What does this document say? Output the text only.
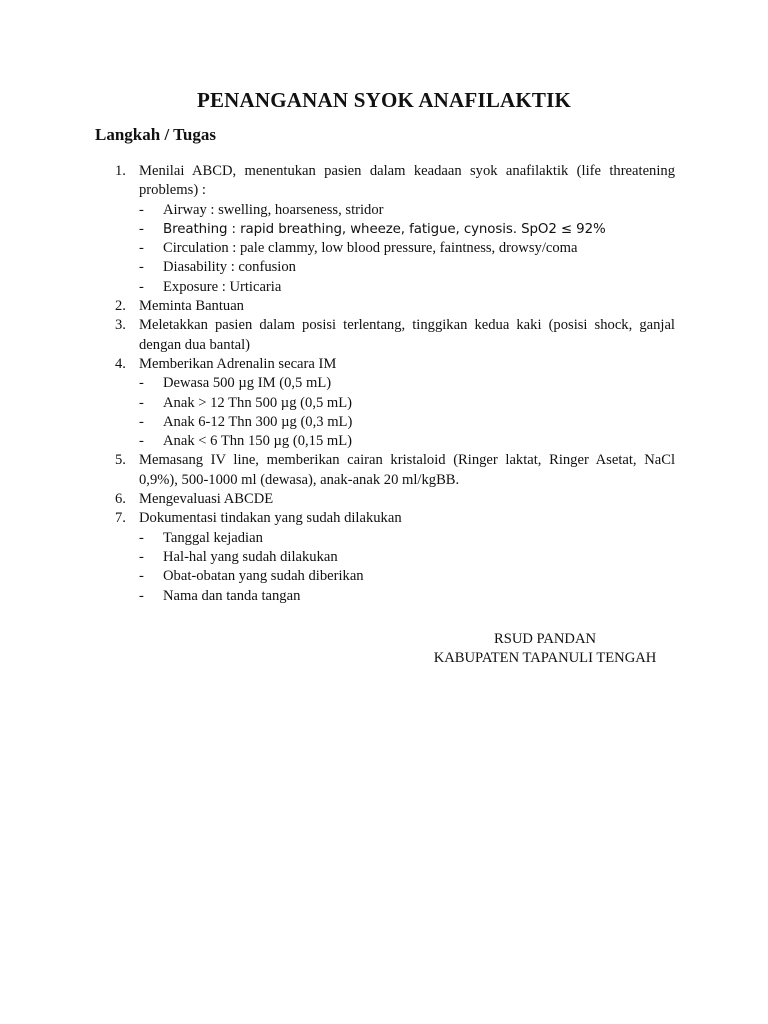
PENANGANAN SYOK ANAFILAKTIK
Langkah / Tugas
1. Menilai ABCD, menentukan pasien dalam keadaan syok anafilaktik (life threatening problems) :
-	Airway : swelling, hoarseness, stridor
-	Breathing : rapid breathing, wheeze, fatigue, cynosis. SpO2 ≤ 92%
-	Circulation : pale clammy, low blood pressure, faintness, drowsy/coma
-	Diasability : confusion
-	Exposure : Urticaria
2. Meminta Bantuan
3. Meletakkan pasien dalam posisi terlentang, tinggikan kedua kaki (posisi shock, ganjal dengan dua bantal)
4. Memberikan Adrenalin secara IM
-	Dewasa 500 µg IM (0,5 mL)
-	Anak > 12 Thn 500 µg (0,5 mL)
-	Anak 6-12 Thn 300 µg (0,3 mL)
-	Anak < 6 Thn 150 µg (0,15 mL)
5. Memasang IV line, memberikan cairan kristaloid (Ringer laktat, Ringer Asetat, NaCl 0,9%), 500-1000 ml (dewasa), anak-anak 20 ml/kgBB.
6. Mengevaluasi ABCDE
7. Dokumentasi tindakan yang sudah dilakukan
-	Tanggal kejadian
-	Hal-hal yang sudah dilakukan
-	Obat-obatan yang sudah diberikan
-	Nama dan tanda tangan
RSUD PANDAN
KABUPATEN TAPANULI TENGAH
